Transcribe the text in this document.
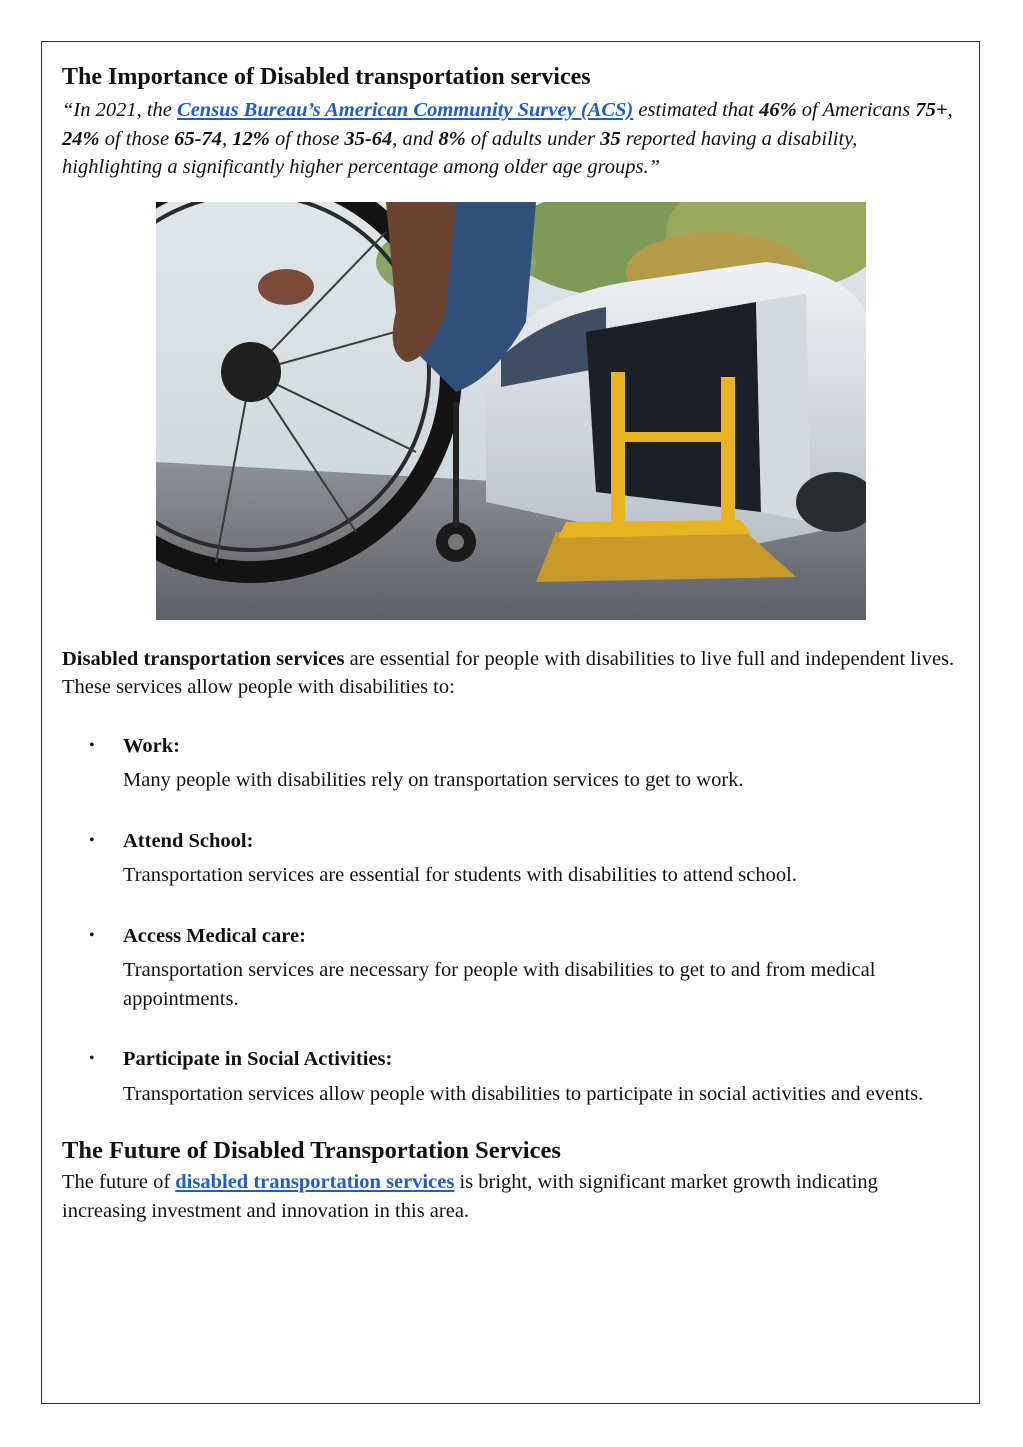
The Importance of Disabled transportation services

“In 2021, the Census Bureau’s American Community Survey (ACS) estimated that 46% of Americans 75+, 24% of those 65-74, 12% of those 35-64, and 8% of adults under 35 reported having a disability, highlighting a significantly higher percentage among older age groups.”

Disabled transportation services are essential for people with disabilities to live full and independent lives. These services allow people with disabilities to:

• Work:
Many people with disabilities rely on transportation services to get to work.
• Attend School:
Transportation services are essential for students with disabilities to attend school.
• Access Medical care:
Transportation services are necessary for people with disabilities to get to and from medical appointments.
• Participate in Social Activities:
Transportation services allow people with disabilities to participate in social activities and events.
The Future of Disabled Transportation Services

The future of disabled transportation services is bright, with significant market growth indicating increasing investment and innovation in this area.
